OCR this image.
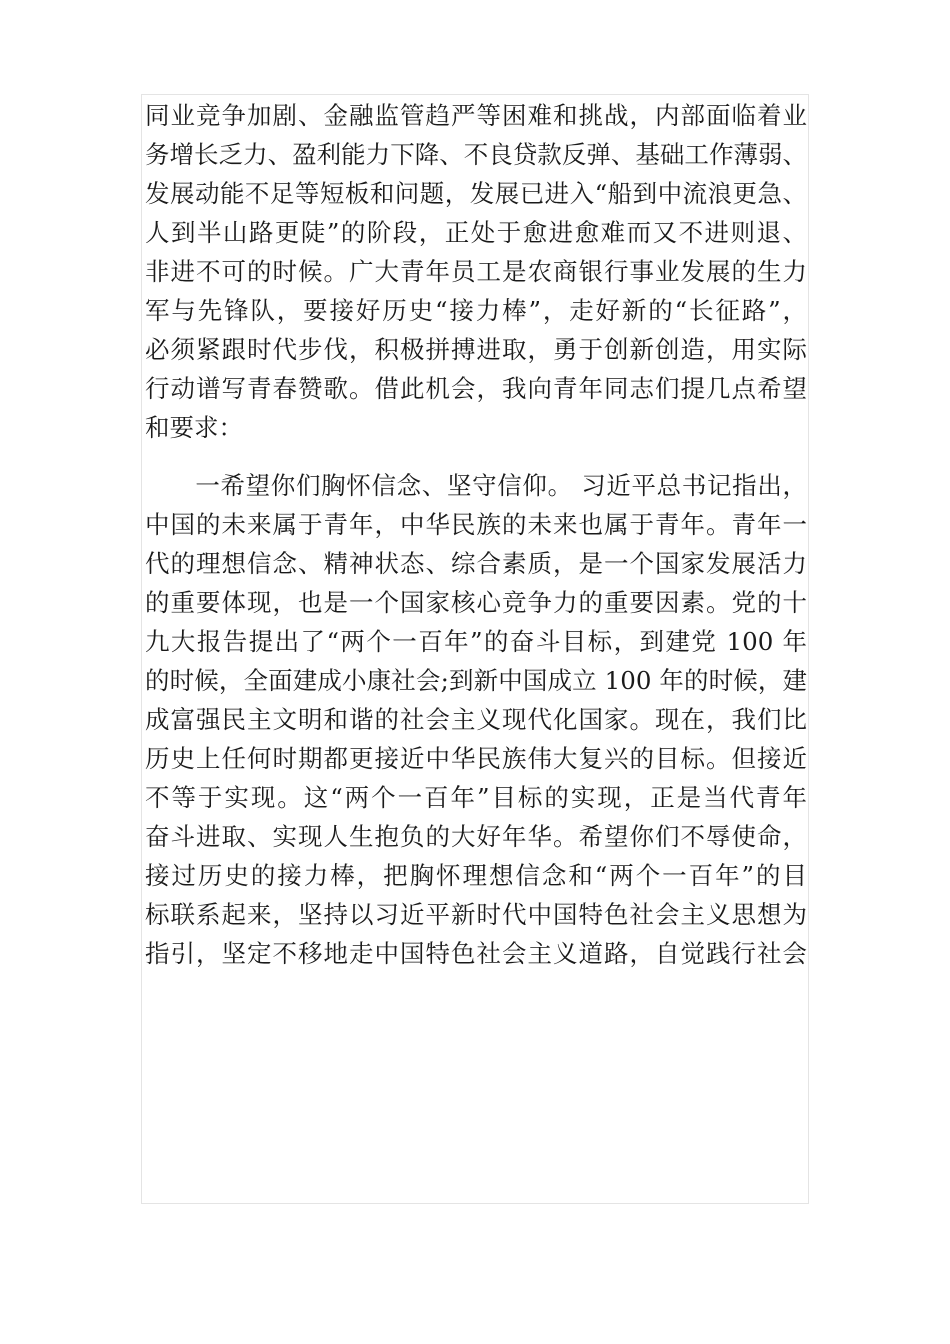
同业竞争加剧、金融监管趋严等困难和挑战，内部面临着业
务增长乏力、盈利能力下降、不良贷款反弹、基础工作薄弱、
发展动能不足等短板和问题，发展已进入“船到中流浪更急、
人到半山路更陡”的阶段，正处于愈进愈难而又不进则退、
非进不可的时候。广大青年员工是农商银行事业发展的生力
军与先锋队，要接好历史“接力棒”，走好新的“长征路”，
必须紧跟时代步伐，积极拼搏进取，勇于创新创造，用实际
行动谱写青春赞歌。借此机会，我向青年同志们提几点希望
和要求：
　　一希望你们胸怀信念、坚守信仰。 习近平总书记指出，
中国的未来属于青年，中华民族的未来也属于青年。青年一
代的理想信念、精神状态、综合素质，是一个国家发展活力
的重要体现，也是一个国家核心竞争力的重要因素。党的十
九大报告提出了“两个一百年”的奋斗目标，到建党 100 年
的时候，全面建成小康社会;到新中国成立 100 年的时候，建
成富强民主文明和谐的社会主义现代化国家。现在，我们比
历史上任何时期都更接近中华民族伟大复兴的目标。但接近
不等于实现。这“两个一百年”目标的实现，正是当代青年
奋斗进取、实现人生抱负的大好年华。希望你们不辱使命，
接过历史的接力棒，把胸怀理想信念和“两个一百年”的目
标联系起来，坚持以习近平新时代中国特色社会主义思想为
指引，坚定不移地走中国特色社会主义道路，自觉践行社会
